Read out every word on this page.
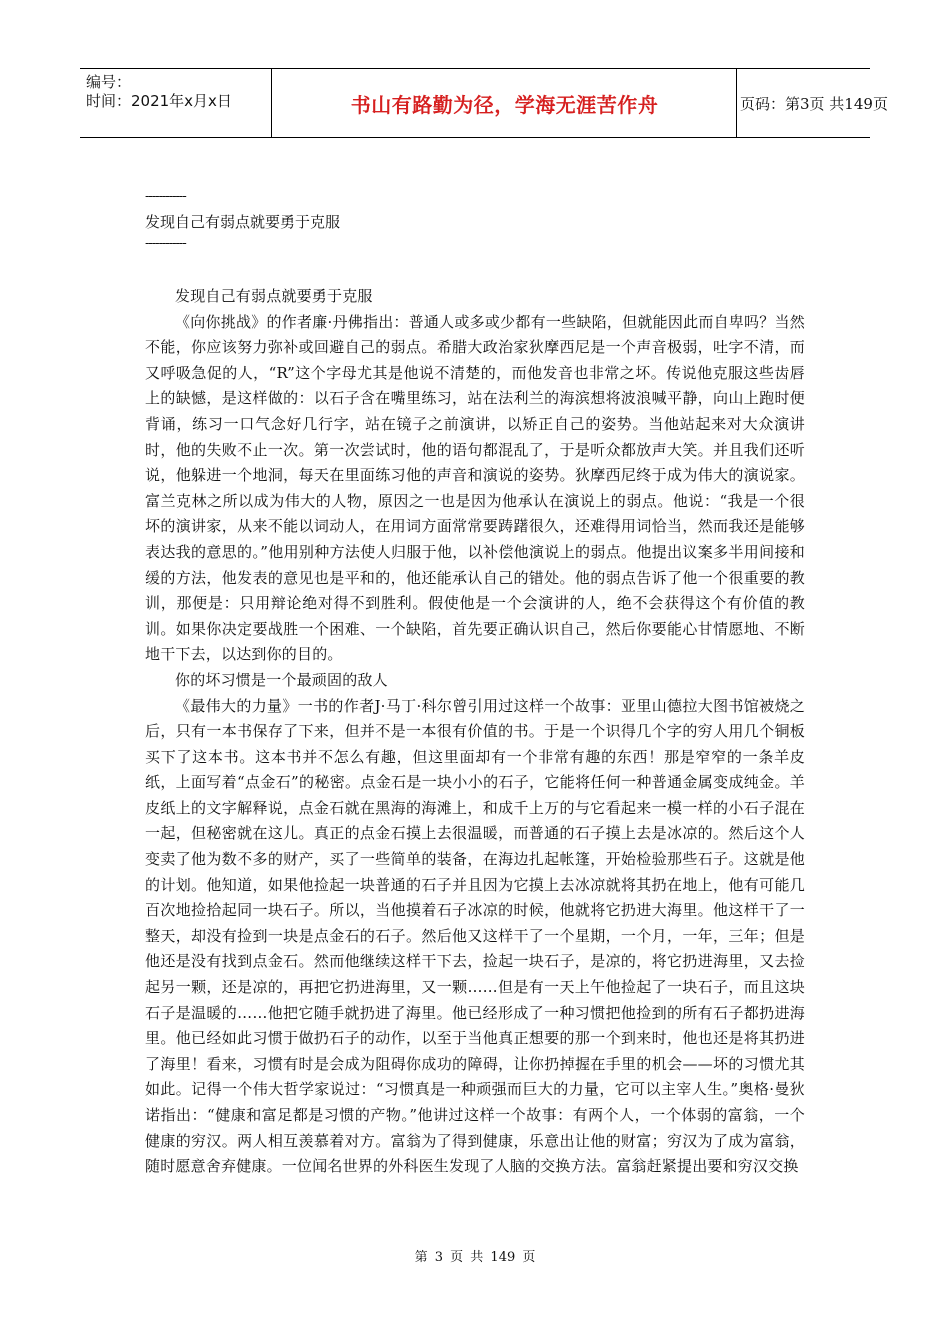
编号：
时间：2021年x月x日	书山有路勤为径，学海无涯苦作舟	页码：第3页 共149页
------------
发现自己有弱点就要勇于克服
------------

发现自己有弱点就要勇于克服

《向你挑战》的作者廉·丹佛指出：普通人或多或少都有一些缺陷，但就能因此而自卑吗？当然不能，你应该努力弥补或回避自己的弱点。希腊大政治家狄摩西尼是一个声音极弱，吐字不清，而又呼吸急促的人，“R”这个字母尤其是他说不清楚的，而他发音也非常之坏。传说他克服这些齿唇上的缺憾，是这样做的：以石子含在嘴里练习，站在法利兰的海滨想将波浪喊平静，向山上跑时便背诵，练习一口气念好几行字，站在镜子之前演讲，以矫正自己的姿势。当他站起来对大众演讲时，他的失败不止一次。第一次尝试时，他的语句都混乱了，于是听众都放声大笑。并且我们还听说，他躲进一个地洞，每天在里面练习他的声音和演说的姿势。狄摩西尼终于成为伟大的演说家。富兰克林之所以成为伟大的人物，原因之一也是因为他承认在演说上的弱点。他说：“我是一个很坏的演讲家，从来不能以词动人，在用词方面常常要踌躇很久，还难得用词恰当，然而我还是能够表达我的意思的。”他用别种方法使人归服于他，以补偿他演说上的弱点。他提出议案多半用间接和缓的方法，他发表的意见也是平和的，他还能承认自己的错处。他的弱点告诉了他一个很重要的教训，那便是：只用辩论绝对得不到胜利。假使他是一个会演讲的人，绝不会获得这个有价值的教训。如果你决定要战胜一个困难、一个缺陷，首先要正确认识自己，然后你要能心甘情愿地、不断地干下去，以达到你的目的。

你的坏习惯是一个最顽固的敌人

《最伟大的力量》一书的作者J·马丁·科尔曾引用过这样一个故事：亚里山德拉大图书馆被烧之后，只有一本书保存了下来，但并不是一本很有价值的书。于是一个识得几个字的穷人用几个铜板买下了这本书。这本书并不怎么有趣，但这里面却有一个非常有趣的东西！那是窄窄的一条羊皮纸，上面写着“点金石”的秘密。点金石是一块小小的石子，它能将任何一种普通金属变成纯金。羊皮纸上的文字解释说，点金石就在黑海的海滩上，和成千上万的与它看起来一模一样的小石子混在一起，但秘密就在这儿。真正的点金石摸上去很温暖，而普通的石子摸上去是冰凉的。然后这个人变卖了他为数不多的财产，买了一些简单的装备，在海边扎起帐篷，开始检验那些石子。这就是他的计划。他知道，如果他捡起一块普通的石子并且因为它摸上去冰凉就将其扔在地上，他有可能几百次地捡拾起同一块石子。所以，当他摸着石子冰凉的时候，他就将它扔进大海里。他这样干了一整天，却没有捡到一块是点金石的石子。然后他又这样干了一个星期，一个月，一年，三年；但是他还是没有找到点金石。然而他继续这样干下去，捡起一块石子，是凉的，将它扔进海里，又去捡起另一颗，还是凉的，再把它扔进海里，又一颗……但是有一天上午他捡起了一块石子，而且这块石子是温暖的……他把它随手就扔进了海里。他已经形成了一种习惯把他捡到的所有石子都扔进海里。他已经如此习惯于做扔石子的动作，以至于当他真正想要的那一个到来时，他也还是将其扔进了海里！看来，习惯有时是会成为阻碍你成功的障碍，让你扔掉握在手里的机会——坏的习惯尤其如此。记得一个伟大哲学家说过：“习惯真是一种顽强而巨大的力量，它可以主宰人生。”奥格·曼狄诺指出：“健康和富足都是习惯的产物。”他讲过这样一个故事：有两个人，一个体弱的富翁，一个健康的穷汉。两人相互羡慕着对方。富翁为了得到健康，乐意出让他的财富；穷汉为了成为富翁，随时愿意舍弃健康。一位闻名世界的外科医生发现了人脑的交换方法。富翁赶紧提出要和穷汉交换

第 3 页 共 149 页
